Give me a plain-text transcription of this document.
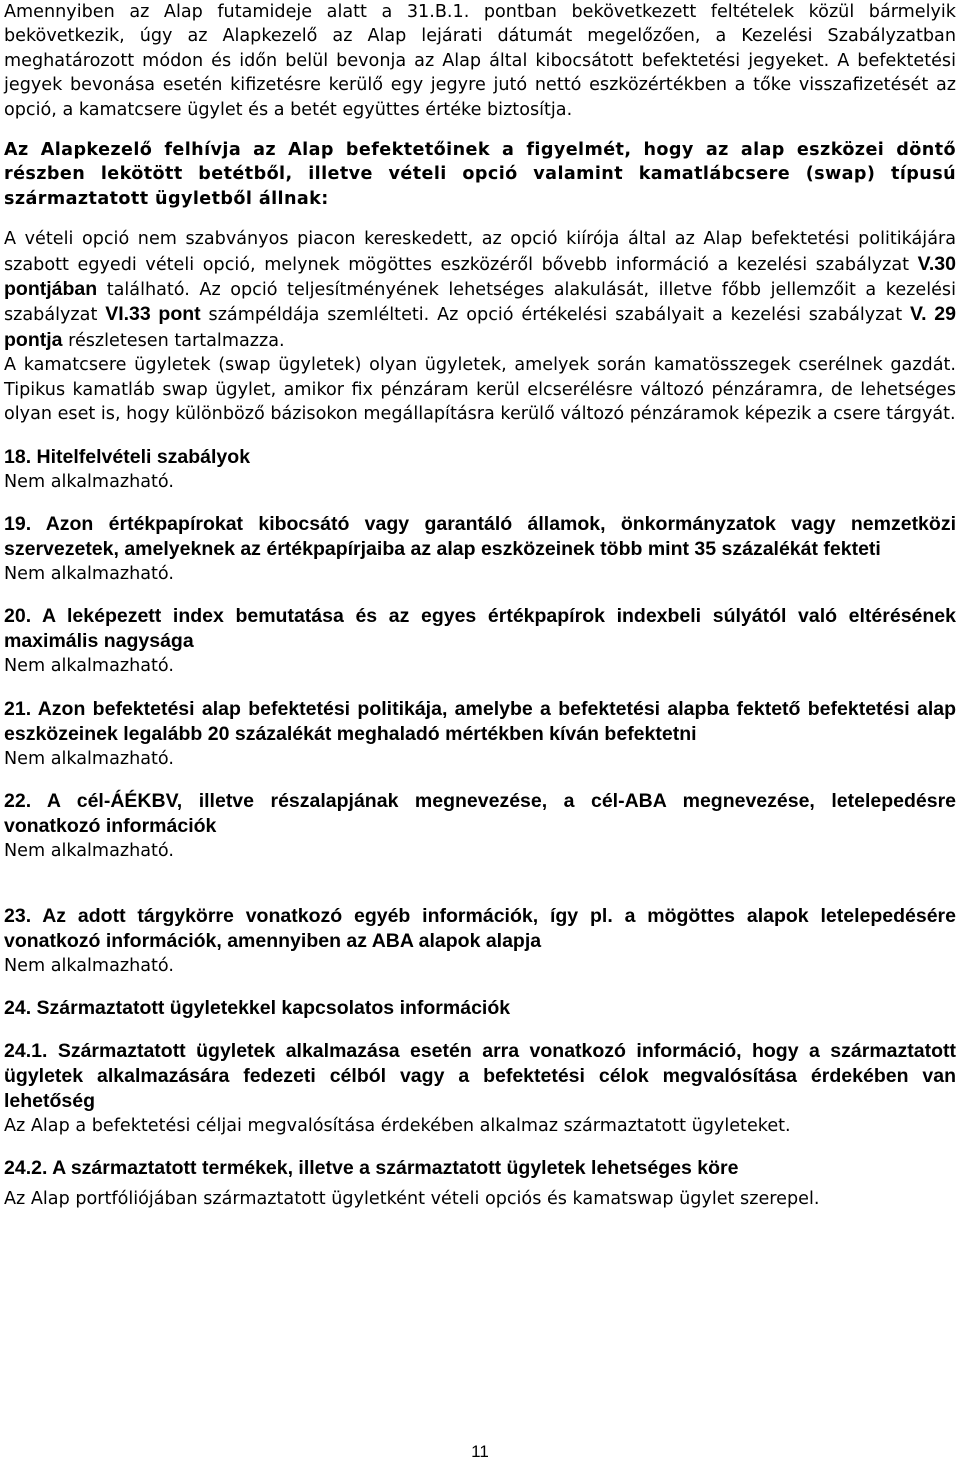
Amennyiben az Alap futamideje alatt a 31.B.1. pontban bekövetkezett feltételek közül bármelyik bekövetkezik, úgy az Alapkezelő az Alap lejárati dátumát megelőzően, a Kezelési Szabályzatban meghatározott módon és időn belül bevonja az Alap által kibocsátott befektetési jegyeket. A befektetési jegyek bevonása esetén kifizetésre kerülő egy jegyre jutó nettó eszközértékben a tőke visszafizetését az opció, a kamatcsere ügylet és a betét együttes értéke biztosítja.

Az Alapkezelő felhívja az Alap befektetőinek a figyelmét, hogy az alap eszközei döntő részben lekötött betétből, illetve vételi opció valamint kamatlábcsere (swap) típusú származtatott ügyletből állnak:

A vételi opció nem szabványos piacon kereskedett, az opció kiírója által az Alap befektetési politikájára szabott egyedi vételi opció, melynek mögöttes eszközéről bővebb információ a kezelési szabályzat V.30 pontjában található. Az opció teljesítményének lehetséges alakulását, illetve főbb jellemzőit a kezelési szabályzat VI.33 pont számpéldája szemlélteti. Az opció értékelési szabályait a kezelési szabályzat V. 29 pontja részletesen tartalmazza.

A kamatcsere ügyletek (swap ügyletek) olyan ügyletek, amelyek során kamatösszegek cserélnek gazdát. Tipikus kamatláb swap ügylet, amikor fix pénzáram kerül elcserélésre változó pénzáramra, de lehetséges olyan eset is, hogy különböző bázisokon megállapításra kerülő változó pénzáramok képezik a csere tárgyát.

18. Hitelfelvételi szabályok

Nem alkalmazható.

19. Azon értékpapírokat kibocsátó vagy garantáló államok, önkormányzatok vagy nemzetközi szervezetek, amelyeknek az értékpapírjaiba az alap eszközeinek több mint 35 százalékát fekteti

Nem alkalmazható.

20. A leképezett index bemutatása és az egyes értékpapírok indexbeli súlyától való eltérésének maximális nagysága

Nem alkalmazható.

21. Azon befektetési alap befektetési politikája, amelybe a befektetési alapba fektető befektetési alap eszközeinek legalább 20 százalékát meghaladó mértékben kíván befektetni

Nem alkalmazható.

22. A cél-ÁÉKBV, illetve részalapjának megnevezése, a cél-ABA megnevezése, letelepedésre vonatkozó információk

Nem alkalmazható.

23. Az adott tárgykörre vonatkozó egyéb információk, így pl. a mögöttes alapok letelepedésére vonatkozó információk, amennyiben az ABA alapok alapja

Nem alkalmazható.

24. Származtatott ügyletekkel kapcsolatos információk

24.1. Származtatott ügyletek alkalmazása esetén arra vonatkozó információ, hogy a származtatott ügyletek alkalmazására fedezeti célból vagy a befektetési célok megvalósítása érdekében van lehetőség

Az Alap a befektetési céljai megvalósítása érdekében alkalmaz származtatott ügyleteket.

24.2. A származtatott termékek, illetve a származtatott ügyletek lehetséges köre

Az Alap portfóliójában származtatott ügyletként vételi opciós és kamatswap ügylet szerepel.

11
